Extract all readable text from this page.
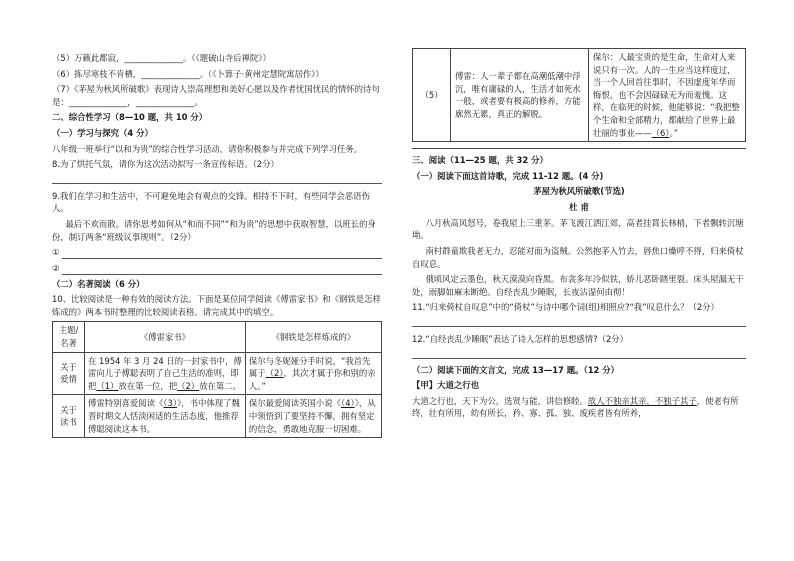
（5）万籁此都寂，______________。（《题破山寺后禅院》）
（6）拣尽寒枝不肯栖，______________。（《卜算子·黄州定慧院寓居作》）
（7）《茅屋为秋风所破歌》表现诗人崇高理想和美好心愿以及作者忧国忧民的情怀的诗句是：______________，______________。
二、综合性学习（8—10 题，共 10 分）
（一）学习与探究（4 分）
八年级一班举行“以和为贵”的综合性学习活动，请你积极参与并完成下列学习任务。
8.为了烘托气氛，请你为这次活动拟写一条宣传标语。（2分）
9.我们在学习和生活中，不可避免地会有观点的交锋。相持不下时，有些同学会恶语伤人。
最后不欢而散。请你思考如何从“和而不同”“和为贵”的思想中获取智慧，以班长的身份，制订两条“班级议事规则”。（2分）
①
②
（二）名著阅读（6 分）
10、比较阅读是一种有效的阅读方法。下面是某位同学阅读《傅雷家书》和《钢铁是怎样炼成的》两本书时整理的比较阅读表格。请完成其中的填空。
主题/名著	《傅雷家书》	《钢铁是怎样炼成的》
关于爱情	在 1954 年 3 月 24 日的一封家书中，傅雷向儿子傅聪表明了自己生活的准则，即把（1）放在第一位，把（2）放在第二。	保尔与冬妮娅分手时说，“我首先属于（2），其次才属于你和别的亲人。”
关于读书	傅雷特别喜爱阅读《（3）》，书中体现了魏晋时期文人恬淡闲适的生活态度，他推荐傅聪阅读这本书。	保尔最爱阅读英国小说《（4）》，从中领悟到了要坚持不懈，拥有坚定的信念，勇敢地克服一切困难。
（5）	傅雷：人一辈子都在高潮低潮中浮沉，唯有庸碌的人，生活才如死水一般，或者要有极高的修养，方能廓然无累，真正的解脱。	保尔：人最宝贵的是生命，生命对人来说只有一次。人的一生应当这样度过，当一个人回首往事时，不因虚度年华而悔恨，也不会因碌碌无为而羞愧。这样，在临死的时候，他能够说：“我把整个生命和全部精力，都献给了世界上最壮丽的事业——（6）。”
三、阅读（11—25 题，共 32 分）
（一）阅读下面这首诗歌，完成 11-12 题。(4 分)
茅屋为秋风所破歌(节选)
杜 甫
八月秋高风怒号，卷我屋上三重茅。茅飞渡江洒江郊，高者挂罥长林梢，下者飘转沉塘坳。
南村群童欺我老无力，忍能对面为盗贼。公然抱茅入竹去，唇焦口燥呼不得，归来倚杖自叹息。
俄顷风定云墨色，秋天漠漠向昏黑。布衾多年冷似铁，娇儿恶卧踏里裂。床头屋漏无干处，雨脚如麻未断绝。自经丧乱少睡眠，长夜沾湿何由彻！
11.“归来倚杖自叹息”中的“倚杖”与诗中哪个词(组)相照应?“我”叹息什么？（2分）
12.“自经丧乱少睡眠”表达了诗人怎样的思想感情?（2分）
（二）阅读下面的文言文，完成 13—17 题。（12 分）
【甲】大道之行也
大道之行也，天下为公，选贤与能，讲信修睦。故人不独亲其亲，不独子其子，使老有所终，壮有所用，幼有所长，矜、寡、孤、独、废疾者皆有所养，
